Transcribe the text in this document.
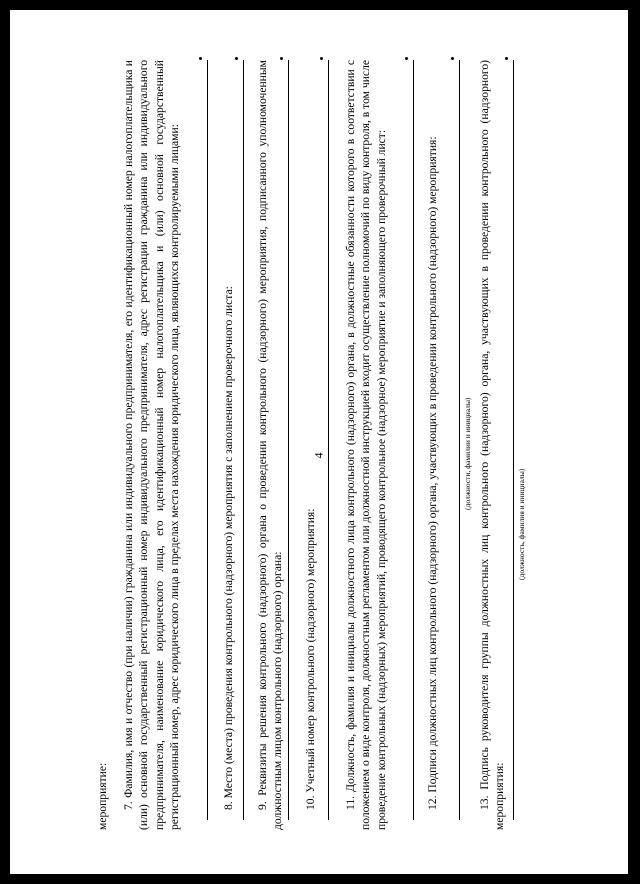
4
мероприятие: 7. Фамилия, имя и отчество (при наличии) гражданина или индивидуального предпринимателя, его идентификационный номер налогоплательщика и (или) основной государственный регистрационный номер индивидуального предпринимателя, адрес регистрации гражданина или индивидуального предпринимателя, наименование юридического лица, его идентификационный номер налогоплательщика и (или) основной государственный регистрационный номер, адрес юридического лица в пределах места нахождения юридического лица, являющихся контролируемыми лицами:	8. Место (места) проведения контрольного (надзорного) мероприятия с заполнением проверочного листа: 9. Реквизиты решения контрольного (надзорного) органа о проведении контрольного (надзорного) мероприятия, подписанного уполномоченным должностным лицом контрольного (надзорного) органа: 10. Учетный номер контрольного (надзорного) мероприятия: 11. Должность, фамилия и инициалы должностного лица контрольного (надзорного) органа, в должностные обязанности которого в соответствии с положением о виде контроля, должностным регламентом или должностной инструкцией входит осуществление полномочий по виду контроля, в том числе проведение контрольных (надзорных) мероприятий, проводящего контрольное (надзорное) мероприятие и заполняющего проверочный лист:	12. Подписи должностных лиц контрольного (надзорного) органа, участвующих в проведении контрольного (надзорного) мероприятия:	(должности, фамилии и инициалы) 13. Подпись руководителя группы должностных лиц контрольного (надзорного) органа, участвующих в проведении контрольного (надзорного) мероприятия:
(должность, фамилия и инициалы)
